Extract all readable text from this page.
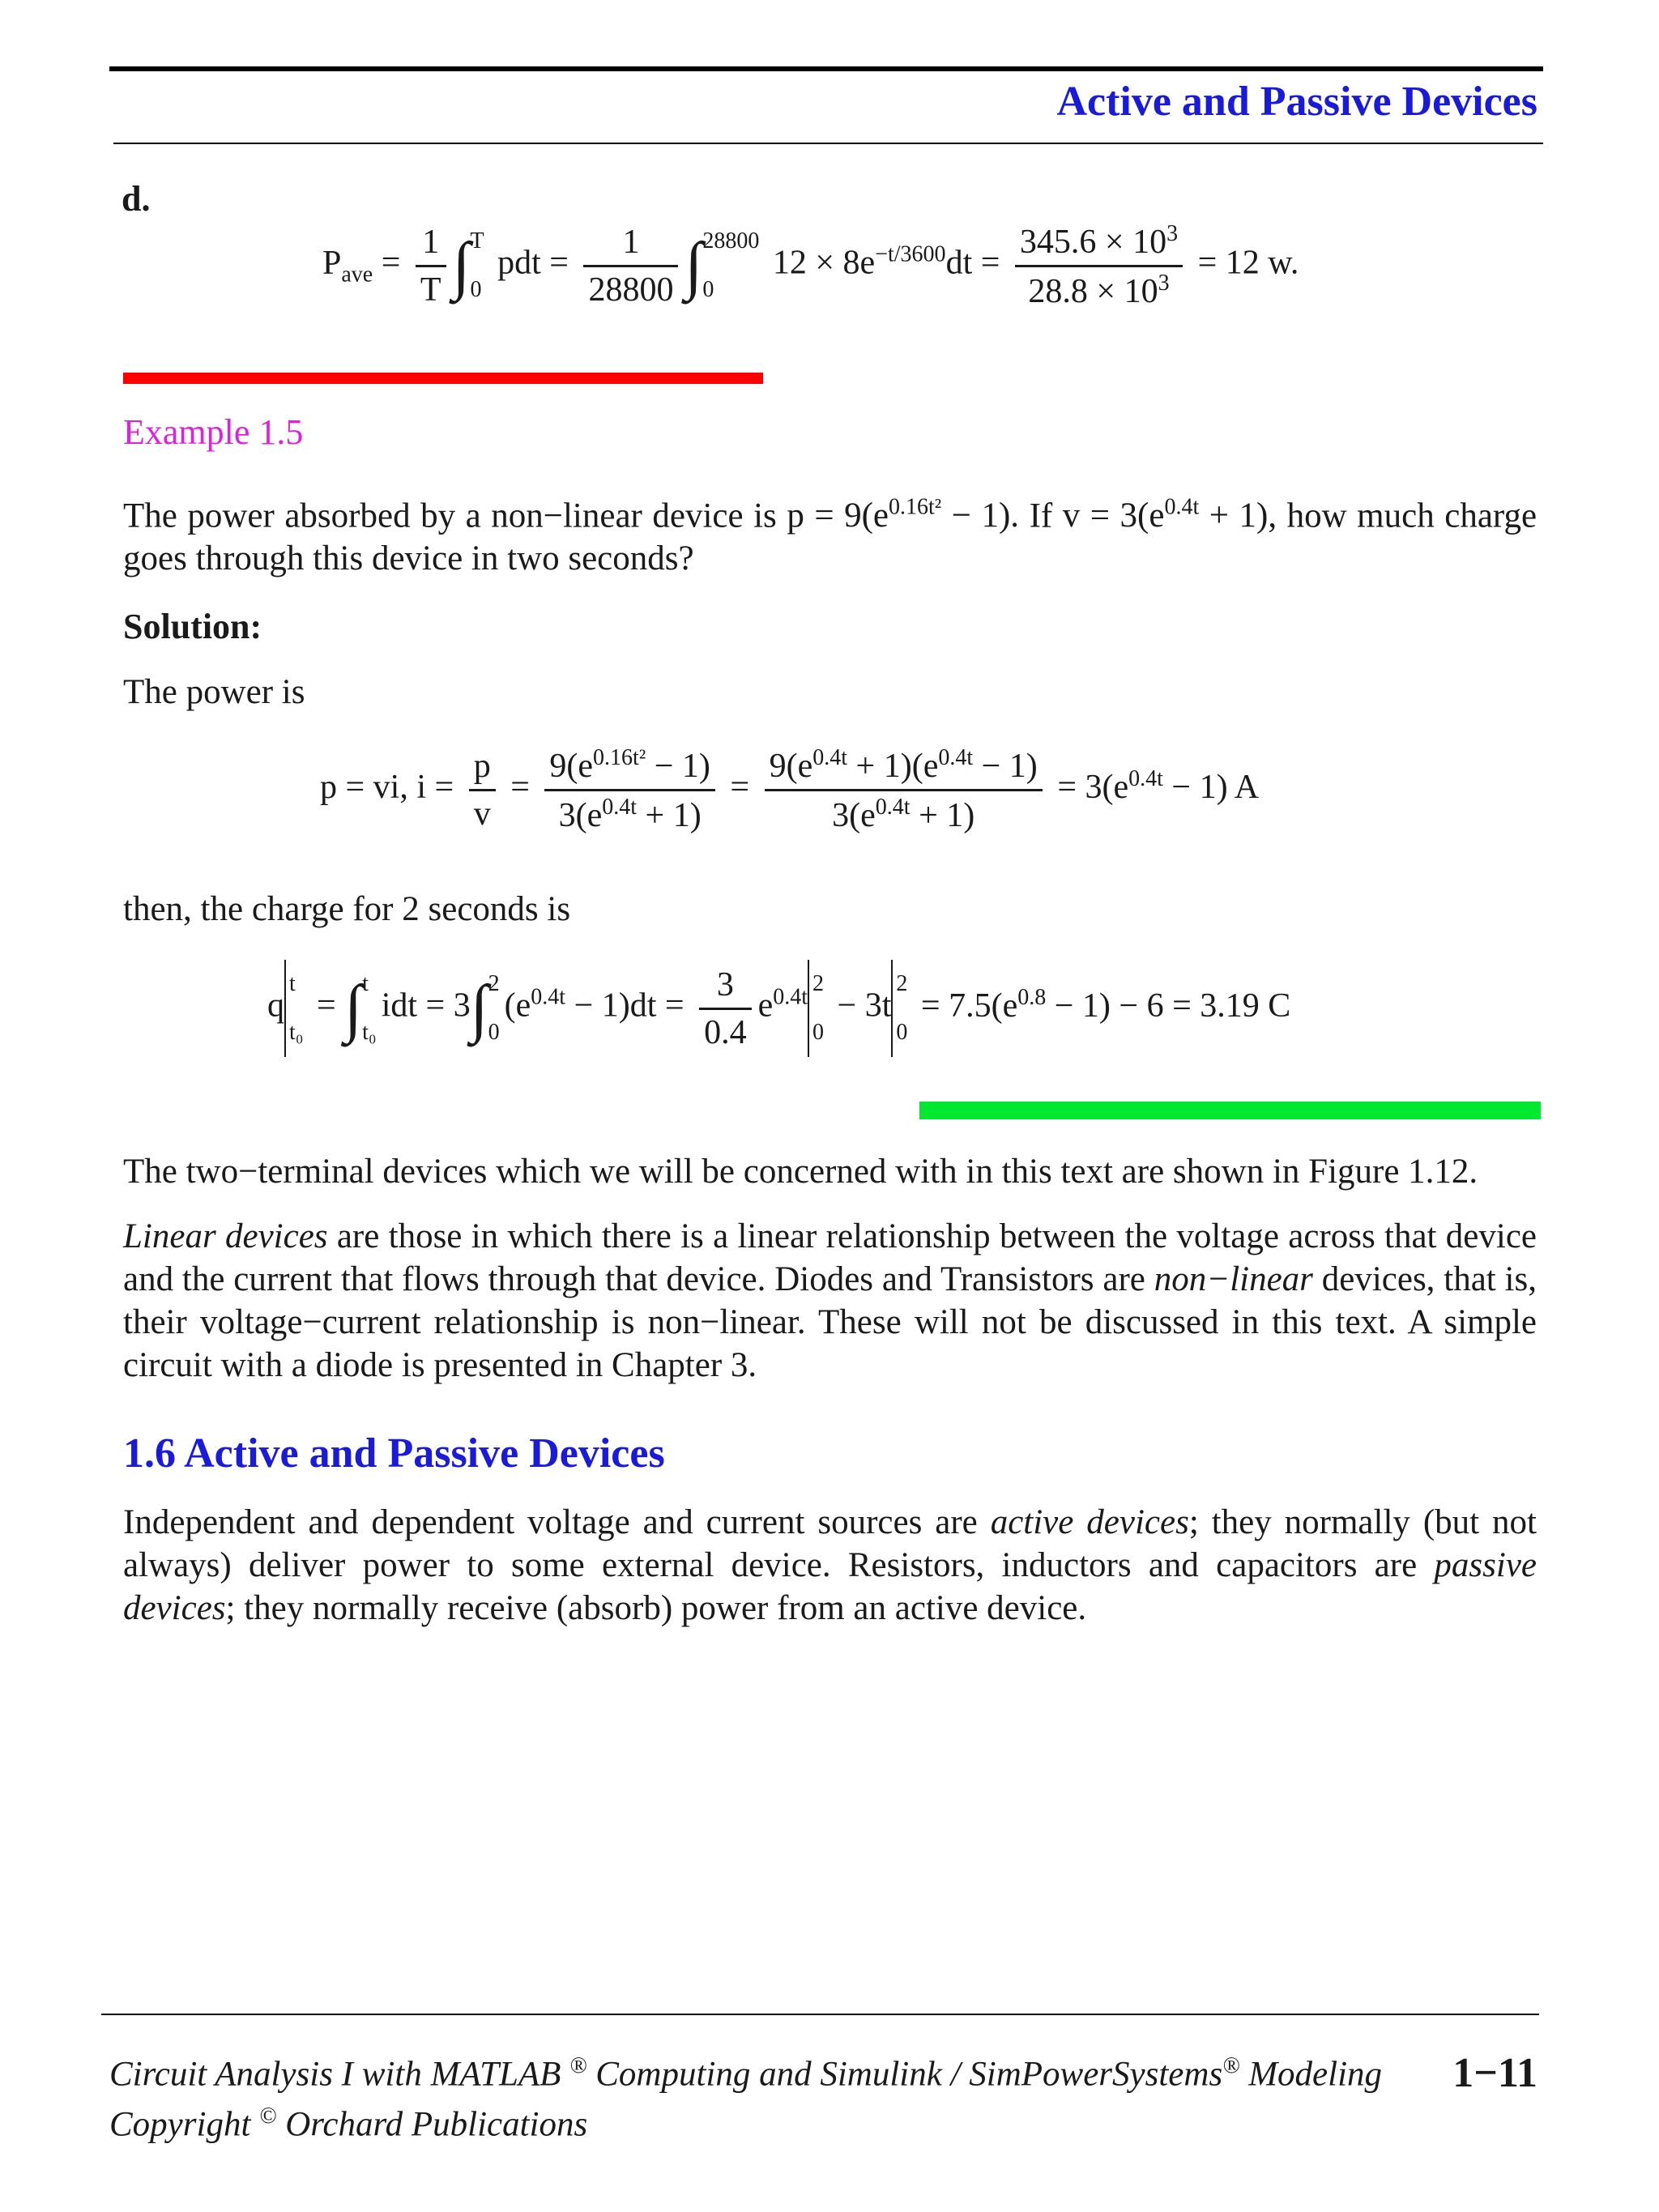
Active and Passive Devices
d.
$P_{ave} = \frac{1}{T}$ ∫ T
0
pdt = $\frac{1}{28800}$ ∫ 28800
0
$12 \times 8e^{-t/3600}dt = \frac{345.6 \times 10^3}{28.8 \times 10^3} = 12$ w.
Example 1.5
The power absorbed by a non−linear device is $p = 9(e^{0.16t^2} - 1)$. If $v = 3(e^{0.4t} + 1)$, how much charge goes through this device in two seconds?
Solution:
The power is
p = vi, $i = \frac{p}{v} = \frac{9(e^{0.16t^2} - 1)}{3(e^{0.4t} + 1)} = \frac{9(e^{0.4t} + 1)(e^{0.4t} - 1)}{3(e^{0.4t} + 1)} = 3(e^{0.4t} - 1)$ A
then, the charge for 2 seconds is
q
t
t₀
= ∫ t
t₀
idt = 3∫ 2
0
$(e^{0.4t} - 1)dt = \frac{3}{0.4} e^{0.4t}$
2
0
− 3t
2
0
= $7.5(e^{0.8} - 1) - 6 = 3.19$ C
The two−terminal devices which we will be concerned with in this text are shown in Figure 1.12.
Linear devices are those in which there is a linear relationship between the voltage across that device and the current that flows through that device. Diodes and Transistors are non−linear devices, that is, their voltage−current relationship is non−linear. These will not be discussed in this text. A simple circuit with a diode is presented in Chapter 3.
1.6 Active and Passive Devices
Independent and dependent voltage and current sources are active devices; they normally (but not always) deliver power to some external device. Resistors, inductors and capacitors are passive devices; they normally receive (absorb) power from an active device.
Circuit Analysis I with MATLAB ® Computing and Simulink / SimPowerSystems® Modeling
Copyright © Orchard Publications
1−11
